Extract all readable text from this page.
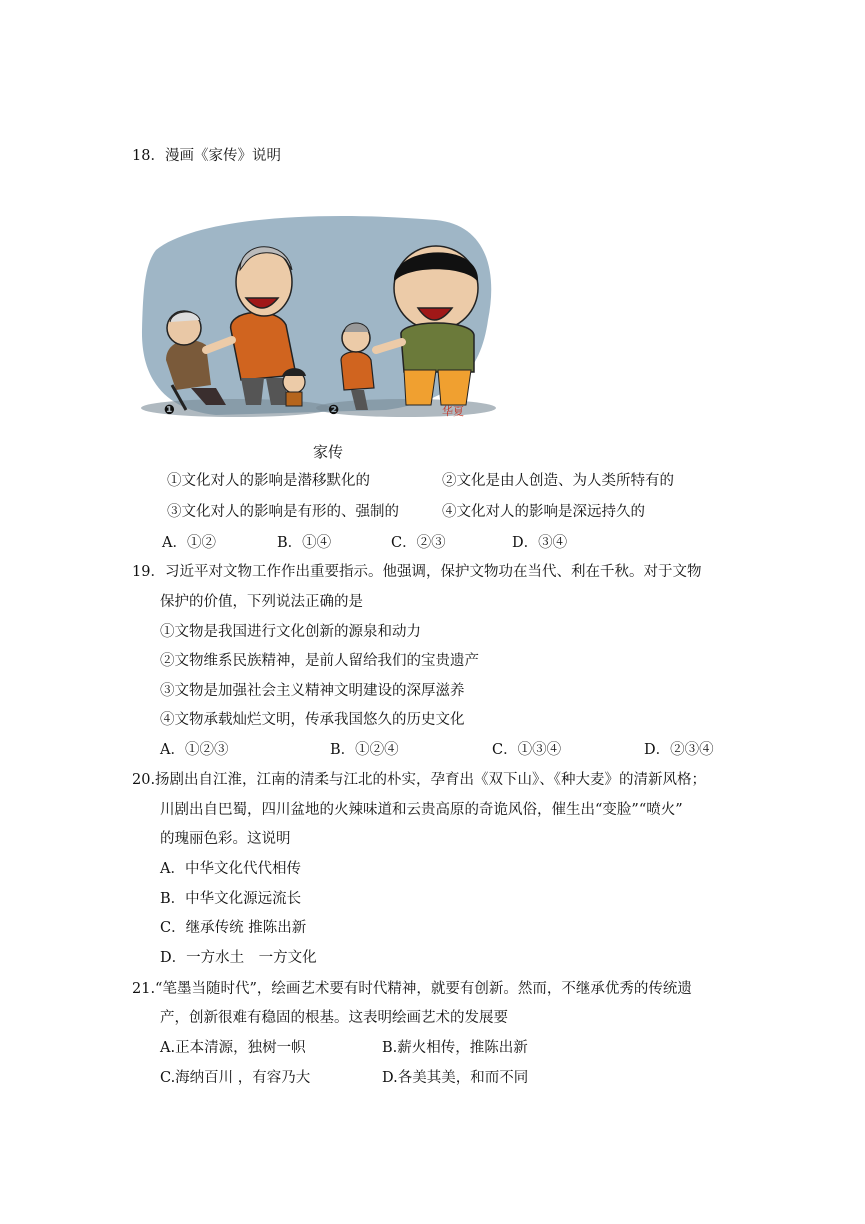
18．漫画《家传》说明
❶	❷	华夏
家传
①文化对人的影响是潜移默化的	②文化是由人创造、为人类所特有的
③文化对人的影响是有形的、强制的	④文化对人的影响是深远持久的
A．①②	B．①④	C．②③	D．③④
19．习近平对文物工作作出重要指示。他强调，保护文物功在当代、利在千秋。对于文物
保护的价值，下列说法正确的是
①文物是我国进行文化创新的源泉和动力
②文物维系民族精神，是前人留给我们的宝贵遗产
③文物是加强社会主义精神文明建设的深厚滋养
④文物承载灿烂文明，传承我国悠久的历史文化
A．①②③	B．①②④	C．①③④	D．②③④
20.扬剧出自江淮，江南的清柔与江北的朴实，孕育出《双下山》、《种大麦》的清新风格；
川剧出自巴蜀，四川盆地的火辣味道和云贵高原的奇诡风俗，催生出“变脸”“喷火”
的瑰丽色彩。这说明
A．中华文化代代相传
B．中华文化源远流长
C．继承传统 推陈出新
D．一方水土　一方文化
21.“笔墨当随时代”，绘画艺术要有时代精神，就要有创新。然而，不继承优秀的传统遗
产，创新很难有稳固的根基。这表明绘画艺术的发展要
A.正本清源，独树一帜	B.薪火相传，推陈出新
C.海纳百川 ，有容乃大	D.各美其美，和而不同
